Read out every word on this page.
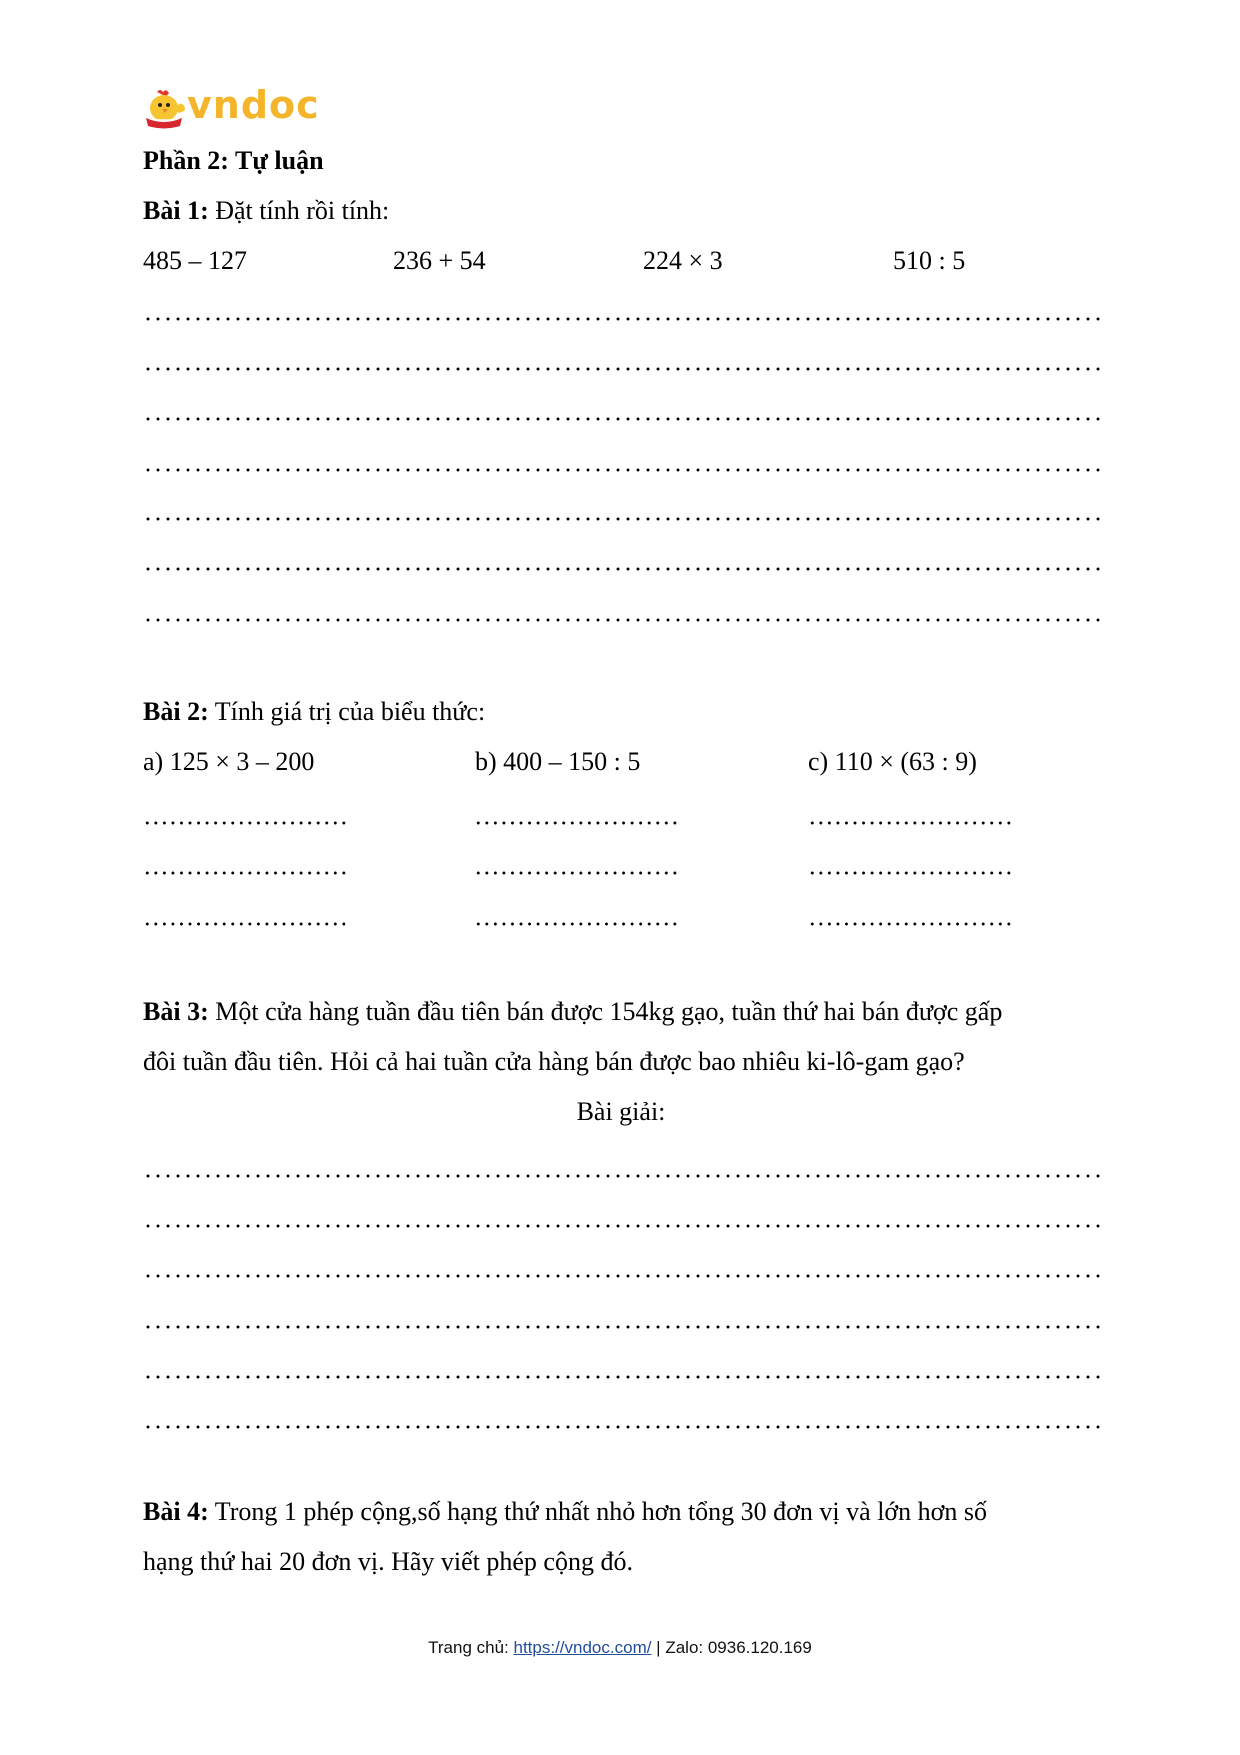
vndoc
Phần 2: Tự luận
Bài 1: Đặt tính rồi tính:
485 – 127	236 + 54	224 × 3	510 : 5
Bài 2: Tính giá trị của biểu thức:
a) 125 × 3 – 200	b) 400 – 150 : 5	c) 110 × (63 : 9)
Bài 3: Một cửa hàng tuần đầu tiên bán được 154kg gạo, tuần thứ hai bán được gấp
đôi tuần đầu tiên. Hỏi cả hai tuần cửa hàng bán được bao nhiêu ki-lô-gam gạo?
Bài giải:
Bài 4: Trong 1 phép cộng,số hạng thứ nhất nhỏ hơn tổng 30 đơn vị và lớn hơn số
hạng thứ hai 20 đơn vị. Hãy viết phép cộng đó.
Trang chủ: https://vndoc.com/ | Zalo: 0936.120.169
